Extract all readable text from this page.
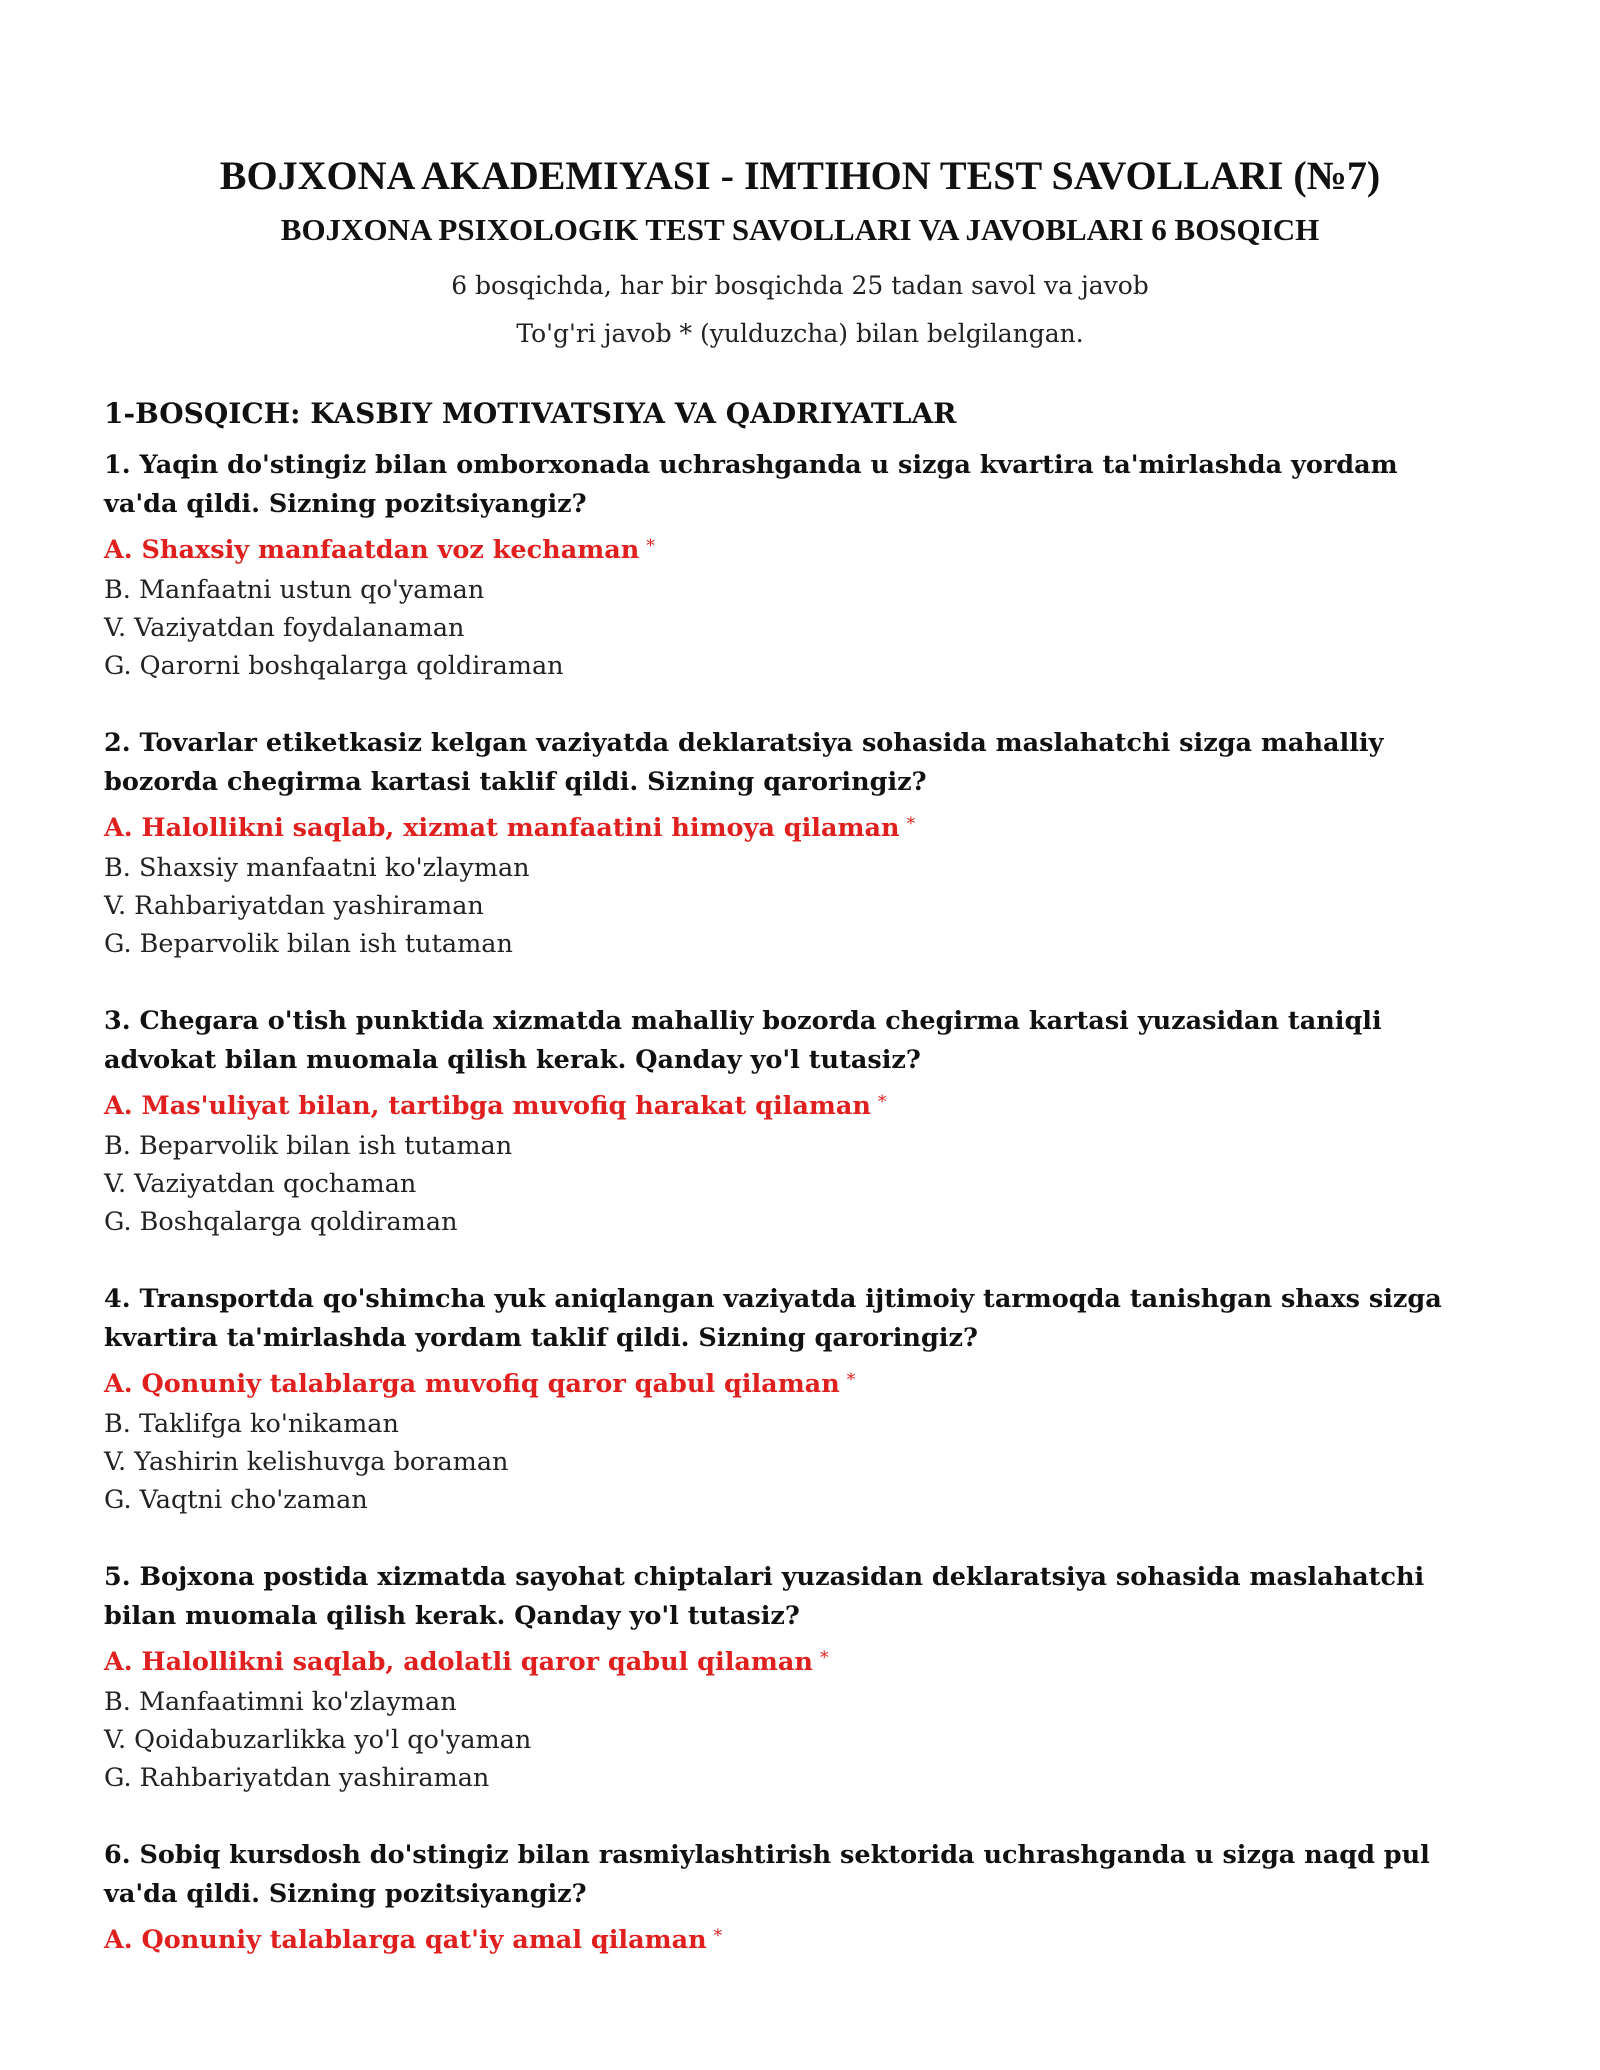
BOJXONA AKADEMIYASI - IMTIHON TEST SAVOLLARI (№7)
BOJXONA PSIXOLOGIK TEST SAVOLLARI VA JAVOBLARI 6 BOSQICH

6 bosqichda, har bir bosqichda 25 tadan savol va javob

To'g'ri javob * (yulduzcha) bilan belgilangan.

1-BOSQICH: KASBIY MOTIVATSIYA VA QADRIYATLAR

1. Yaqin do'stingiz bilan omborxonada uchrashganda u sizga kvartira ta'mirlashda yordam va'da qildi. Sizning pozitsiyangiz?

A. Shaxsiy manfaatdan voz kechaman *

B. Manfaatni ustun qo'yaman

V. Vaziyatdan foydalanaman

G. Qarorni boshqalarga qoldiraman

2. Tovarlar etiketkasiz kelgan vaziyatda deklaratsiya sohasida maslahatchi sizga mahalliy bozorda chegirma kartasi taklif qildi. Sizning qaroringiz?

A. Halollikni saqlab, xizmat manfaatini himoya qilaman *

B. Shaxsiy manfaatni ko'zlayman

V. Rahbariyatdan yashiraman

G. Beparvolik bilan ish tutaman

3. Chegara o'tish punktida xizmatda mahalliy bozorda chegirma kartasi yuzasidan taniqli advokat bilan muomala qilish kerak. Qanday yo'l tutasiz?

A. Mas'uliyat bilan, tartibga muvofiq harakat qilaman *

B. Beparvolik bilan ish tutaman

V. Vaziyatdan qochaman

G. Boshqalarga qoldiraman

4. Transportda qo'shimcha yuk aniqlangan vaziyatda ijtimoiy tarmoqda tanishgan shaxs sizga kvartira ta'mirlashda yordam taklif qildi. Sizning qaroringiz?

A. Qonuniy talablarga muvofiq qaror qabul qilaman *

B. Taklifga ko'nikaman

V. Yashirin kelishuvga boraman

G. Vaqtni cho'zaman

5. Bojxona postida xizmatda sayohat chiptalari yuzasidan deklaratsiya sohasida maslahatchi bilan muomala qilish kerak. Qanday yo'l tutasiz?

A. Halollikni saqlab, adolatli qaror qabul qilaman *

B. Manfaatimni ko'zlayman

V. Qoidabuzarlikka yo'l qo'yaman

G. Rahbariyatdan yashiraman

6. Sobiq kursdosh do'stingiz bilan rasmiylashtirish sektorida uchrashganda u sizga naqd pul va'da qildi. Sizning pozitsiyangiz?

A. Qonuniy talablarga qat'iy amal qilaman *
